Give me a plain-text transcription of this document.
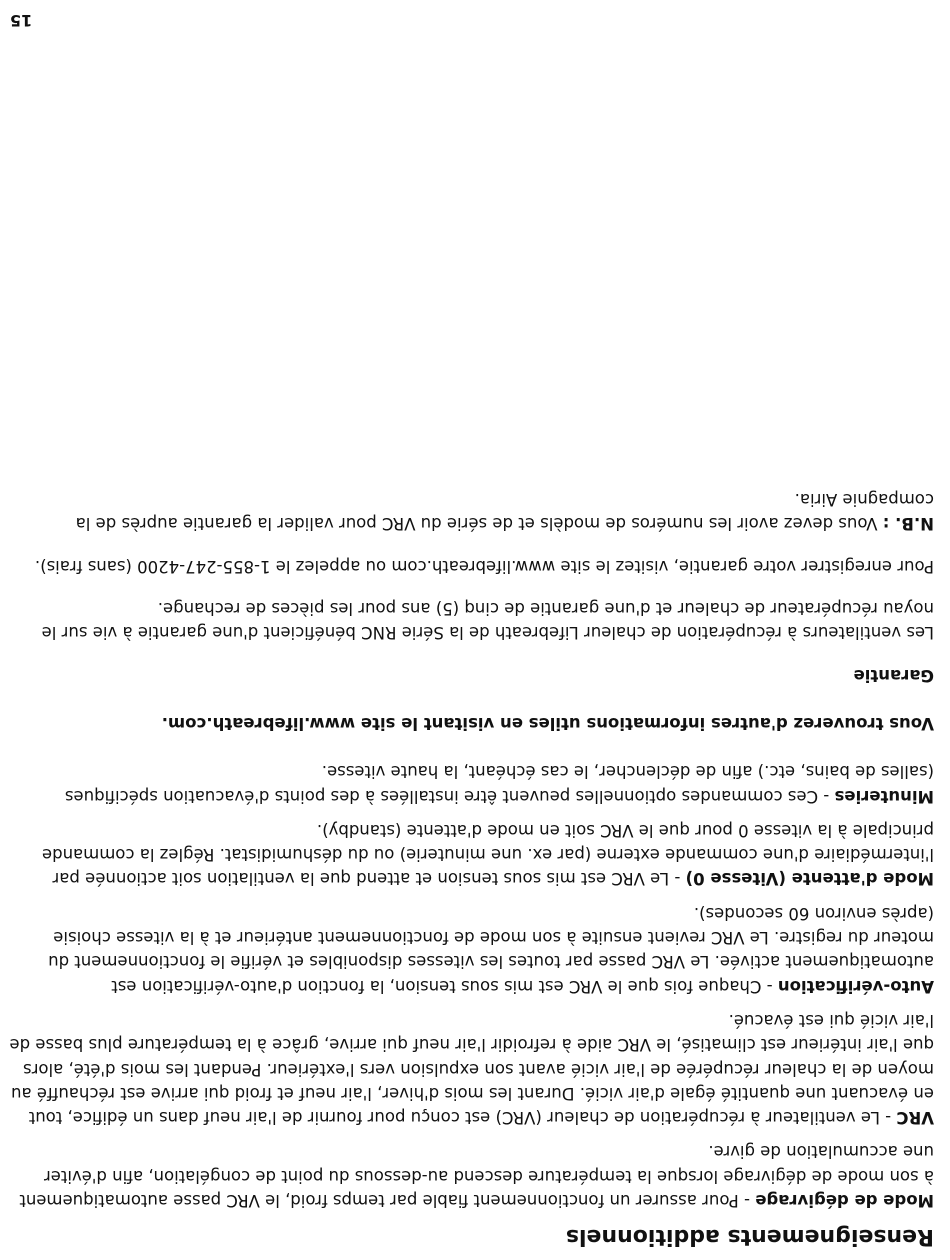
Renseignements additionnels

Mode de dégivrage - Pour assurer un fonctionnement fiable par temps froid, le VRC passe automatiquement à son mode de dégivrage lorsque la température descend au-dessous du point de congélation, afin d'éviter une accumulation de givre.

VRC - Le ventilateur à récupération de chaleur (VRC) est conçu pour fournir de l'air neuf dans un édifice, tout en évacuant une quantité égale d'air vicié. Durant les mois d'hiver, l'air neuf et froid qui arrive est réchauffé au moyen de la chaleur récupérée de l'air vicié avant son expulsion vers l'extérieur. Pendant les mois d'été, alors que l'air intérieur est climatisé, le VRC aide à refroidir l'air neuf qui arrive, grâce à la température plus basse de l'air vicié qui est évacué.

Auto-vérification - Chaque fois que le VRC est mis sous tension, la fonction d'auto-vérification est automatiquement activée. Le VRC passe par toutes les vitesses disponibles et vérifie le fonctionnement du moteur du registre. Le VRC revient ensuite à son mode de fonctionnement antérieur et à la vitesse choisie (après environ 60 secondes).

Mode d'attente (Vitesse 0) - Le VRC est mis sous tension et attend que la ventilation soit actionnée par l'intermédiaire d'une commande externe (par ex. une minuterie) ou du déshumidistat. Réglez la commande principale à la vitesse 0 pour que le VRC soit en mode d'attente (standby).

Minuteries - Ces commandes optionnelles peuvent être installées à des points d'évacuation spécifiques (salles de bains, etc.) afin de déclencher, le cas échéant, la haute vitesse.

Vous trouverez d'autres informations utiles en visitant le site www.lifebreath.com.

Garantie

Les ventilateurs à récupération de chaleur Lifebreath de la Série RNC bénéficient d'une garantie à vie sur le noyau récupérateur de chaleur et d'une garantie de cinq (5) ans pour les pièces de rechange.

Pour enregistrer votre garantie, visitez le site www.lifebreath.com ou appelez le 1-855-247-4200 (sans frais).

N.B. : Vous devez avoir les numéros de modèls et de série du VRC pour valider la garantie auprès de la compagnie Airia.

15
